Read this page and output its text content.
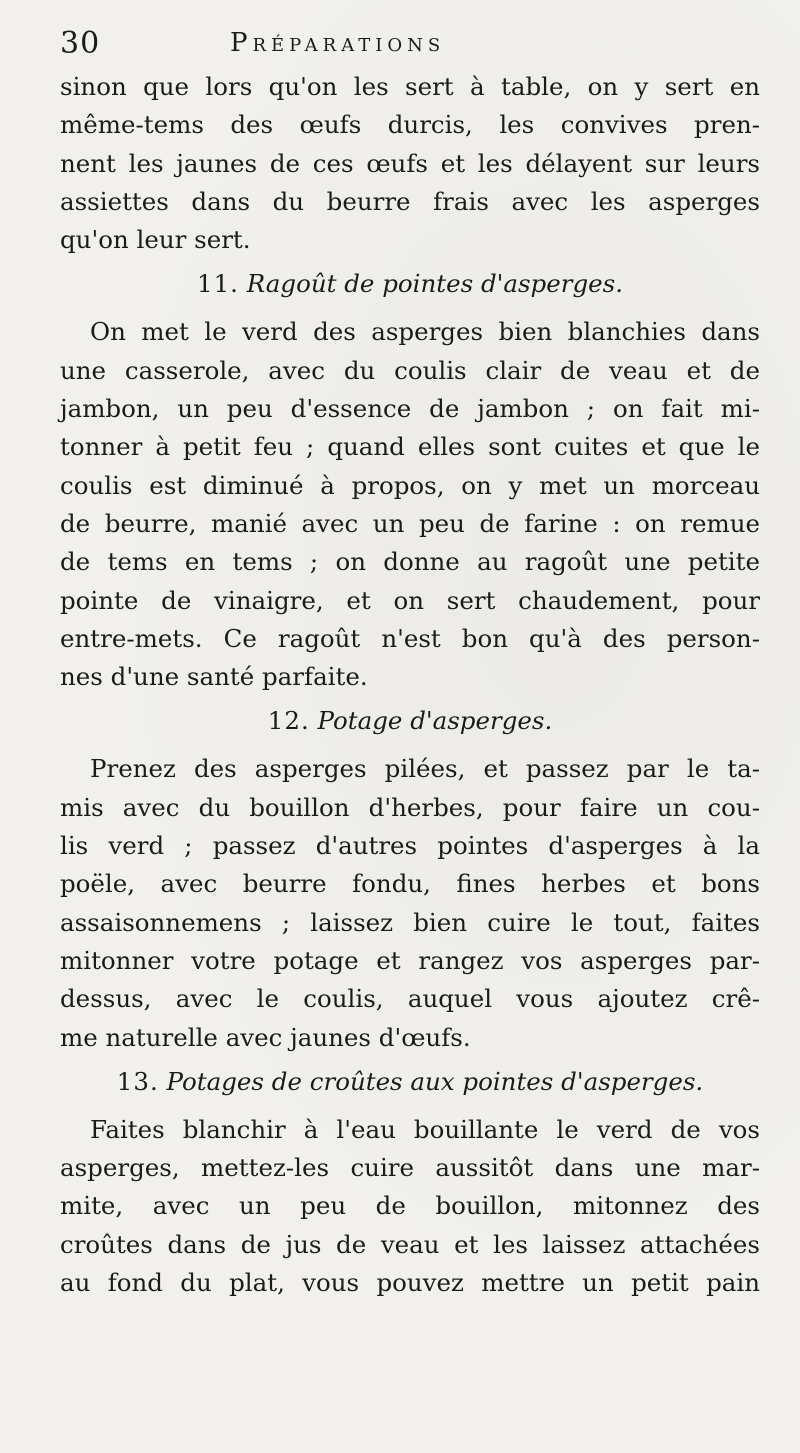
30	Préparations
sinon que lors qu'on les sert à table, on y sert en
même-tems des œufs durcis, les convives pren-
nent les jaunes de ces œufs et les délayent sur leurs
assiettes dans du beurre frais avec les asperges
qu'on leur sert.
11. Ragoût de pointes d'asperges.
On met le verd des asperges bien blanchies dans
une casserole, avec du coulis clair de veau et de
jambon, un peu d'essence de jambon ; on fait mi-
tonner à petit feu ; quand elles sont cuites et que le
coulis est diminué à propos, on y met un morceau
de beurre, manié avec un peu de farine : on remue
de tems en tems ; on donne au ragoût une petite
pointe de vinaigre, et on sert chaudement, pour
entre-mets. Ce ragoût n'est bon qu'à des person-
nes d'une santé parfaite.
12. Potage d'asperges.
Prenez des asperges pilées, et passez par le ta-
mis avec du bouillon d'herbes, pour faire un cou-
lis verd ; passez d'autres pointes d'asperges à la
poële, avec beurre fondu, fines herbes et bons
assaisonnemens ; laissez bien cuire le tout, faites
mitonner votre potage et rangez vos asperges par-
dessus, avec le coulis, auquel vous ajoutez crê-
me naturelle avec jaunes d'œufs.
13. Potages de croûtes aux pointes d'asperges.
Faites blanchir à l'eau bouillante le verd de vos
asperges, mettez-les cuire aussitôt dans une mar-
mite, avec un peu de bouillon, mitonnez des
croûtes dans de jus de veau et les laissez attachées
au fond du plat, vous pouvez mettre un petit pain
